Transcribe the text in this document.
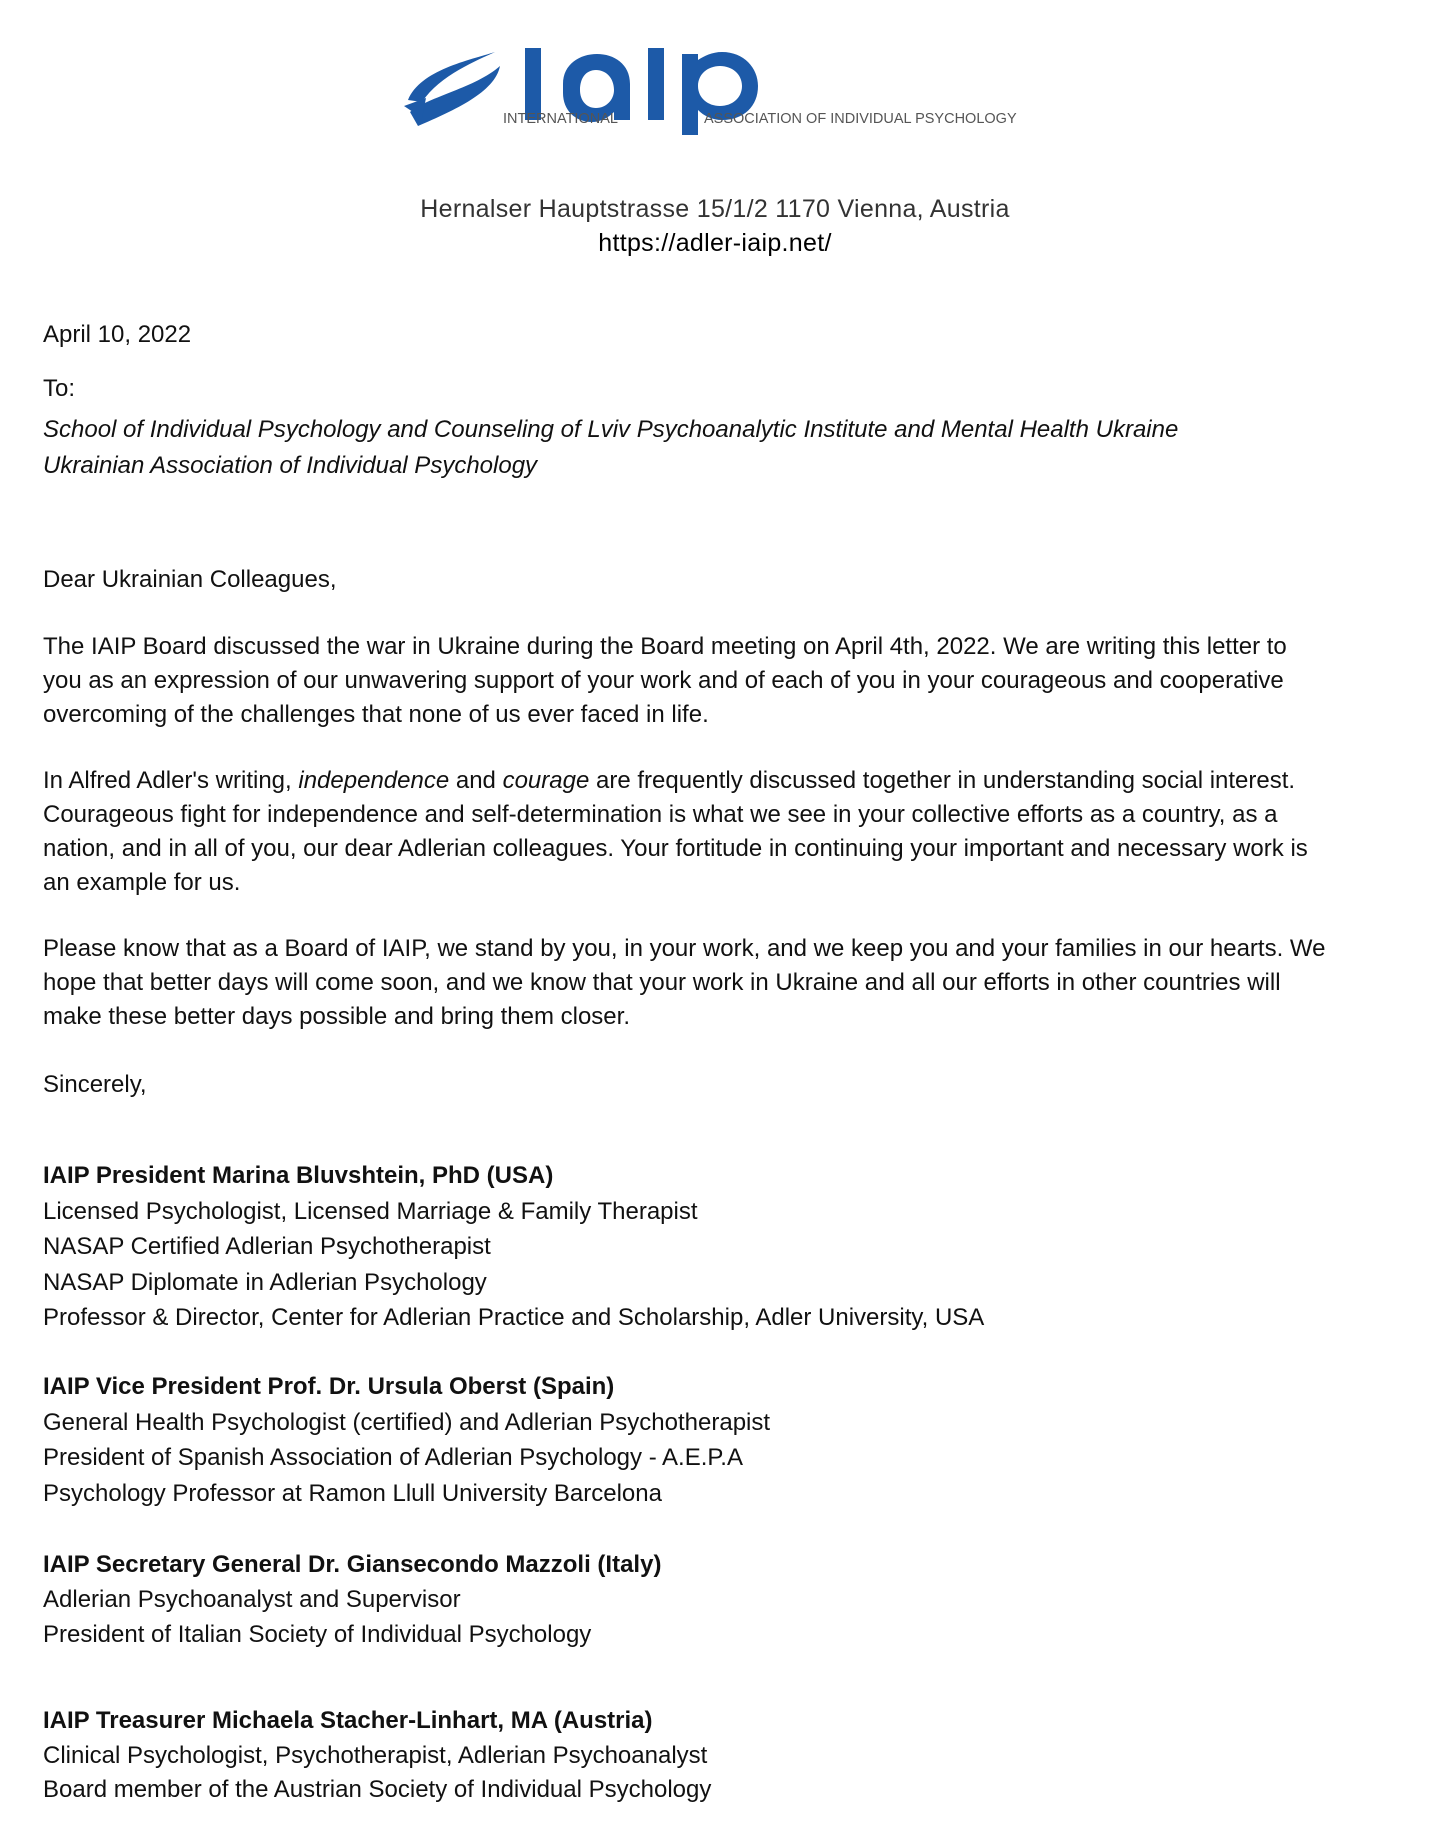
INTERNATIONAL	ASSOCIATION OF INDIVIDUAL PSYCHOLOGY
Hernalser Hauptstrasse 15/1/2 1170 Vienna, Austria
https://adler-iaip.net/
April 10, 2022
To:
School of Individual Psychology and Counseling of Lviv Psychoanalytic Institute and Mental Health Ukraine
Ukrainian Association of Individual Psychology
Dear Ukrainian Colleagues,
The IAIP Board discussed the war in Ukraine during the Board meeting on April 4th, 2022. We are writing this letter to
you as an expression of our unwavering support of your work and of each of you in your courageous and cooperative
overcoming of the challenges that none of us ever faced in life.
In Alfred Adler's writing, independence and courage are frequently discussed together in understanding social interest.
Courageous fight for independence and self-determination is what we see in your collective efforts as a country, as a
nation, and in all of you, our dear Adlerian colleagues. Your fortitude in continuing your important and necessary work is
an example for us.
Please know that as a Board of IAIP, we stand by you, in your work, and we keep you and your families in our hearts. We
hope that better days will come soon, and we know that your work in Ukraine and all our efforts in other countries will
make these better days possible and bring them closer.
Sincerely,
IAIP President Marina Bluvshtein, PhD (USA)
Licensed Psychologist, Licensed Marriage & Family Therapist
NASAP Certified Adlerian Psychotherapist
NASAP Diplomate in Adlerian Psychology
Professor & Director, Center for Adlerian Practice and Scholarship, Adler University, USA
IAIP Vice President Prof. Dr. Ursula Oberst (Spain)
General Health Psychologist (certified) and Adlerian Psychotherapist
President of Spanish Association of Adlerian Psychology - A.E.P.A
Psychology Professor at Ramon Llull University Barcelona
IAIP Secretary General Dr. Giansecondo Mazzoli (Italy)
Adlerian Psychoanalyst and Supervisor
President of Italian Society of Individual Psychology
IAIP Treasurer Michaela Stacher-Linhart, MA (Austria)
Clinical Psychologist, Psychotherapist, Adlerian Psychoanalyst
Board member of the Austrian Society of Individual Psychology
